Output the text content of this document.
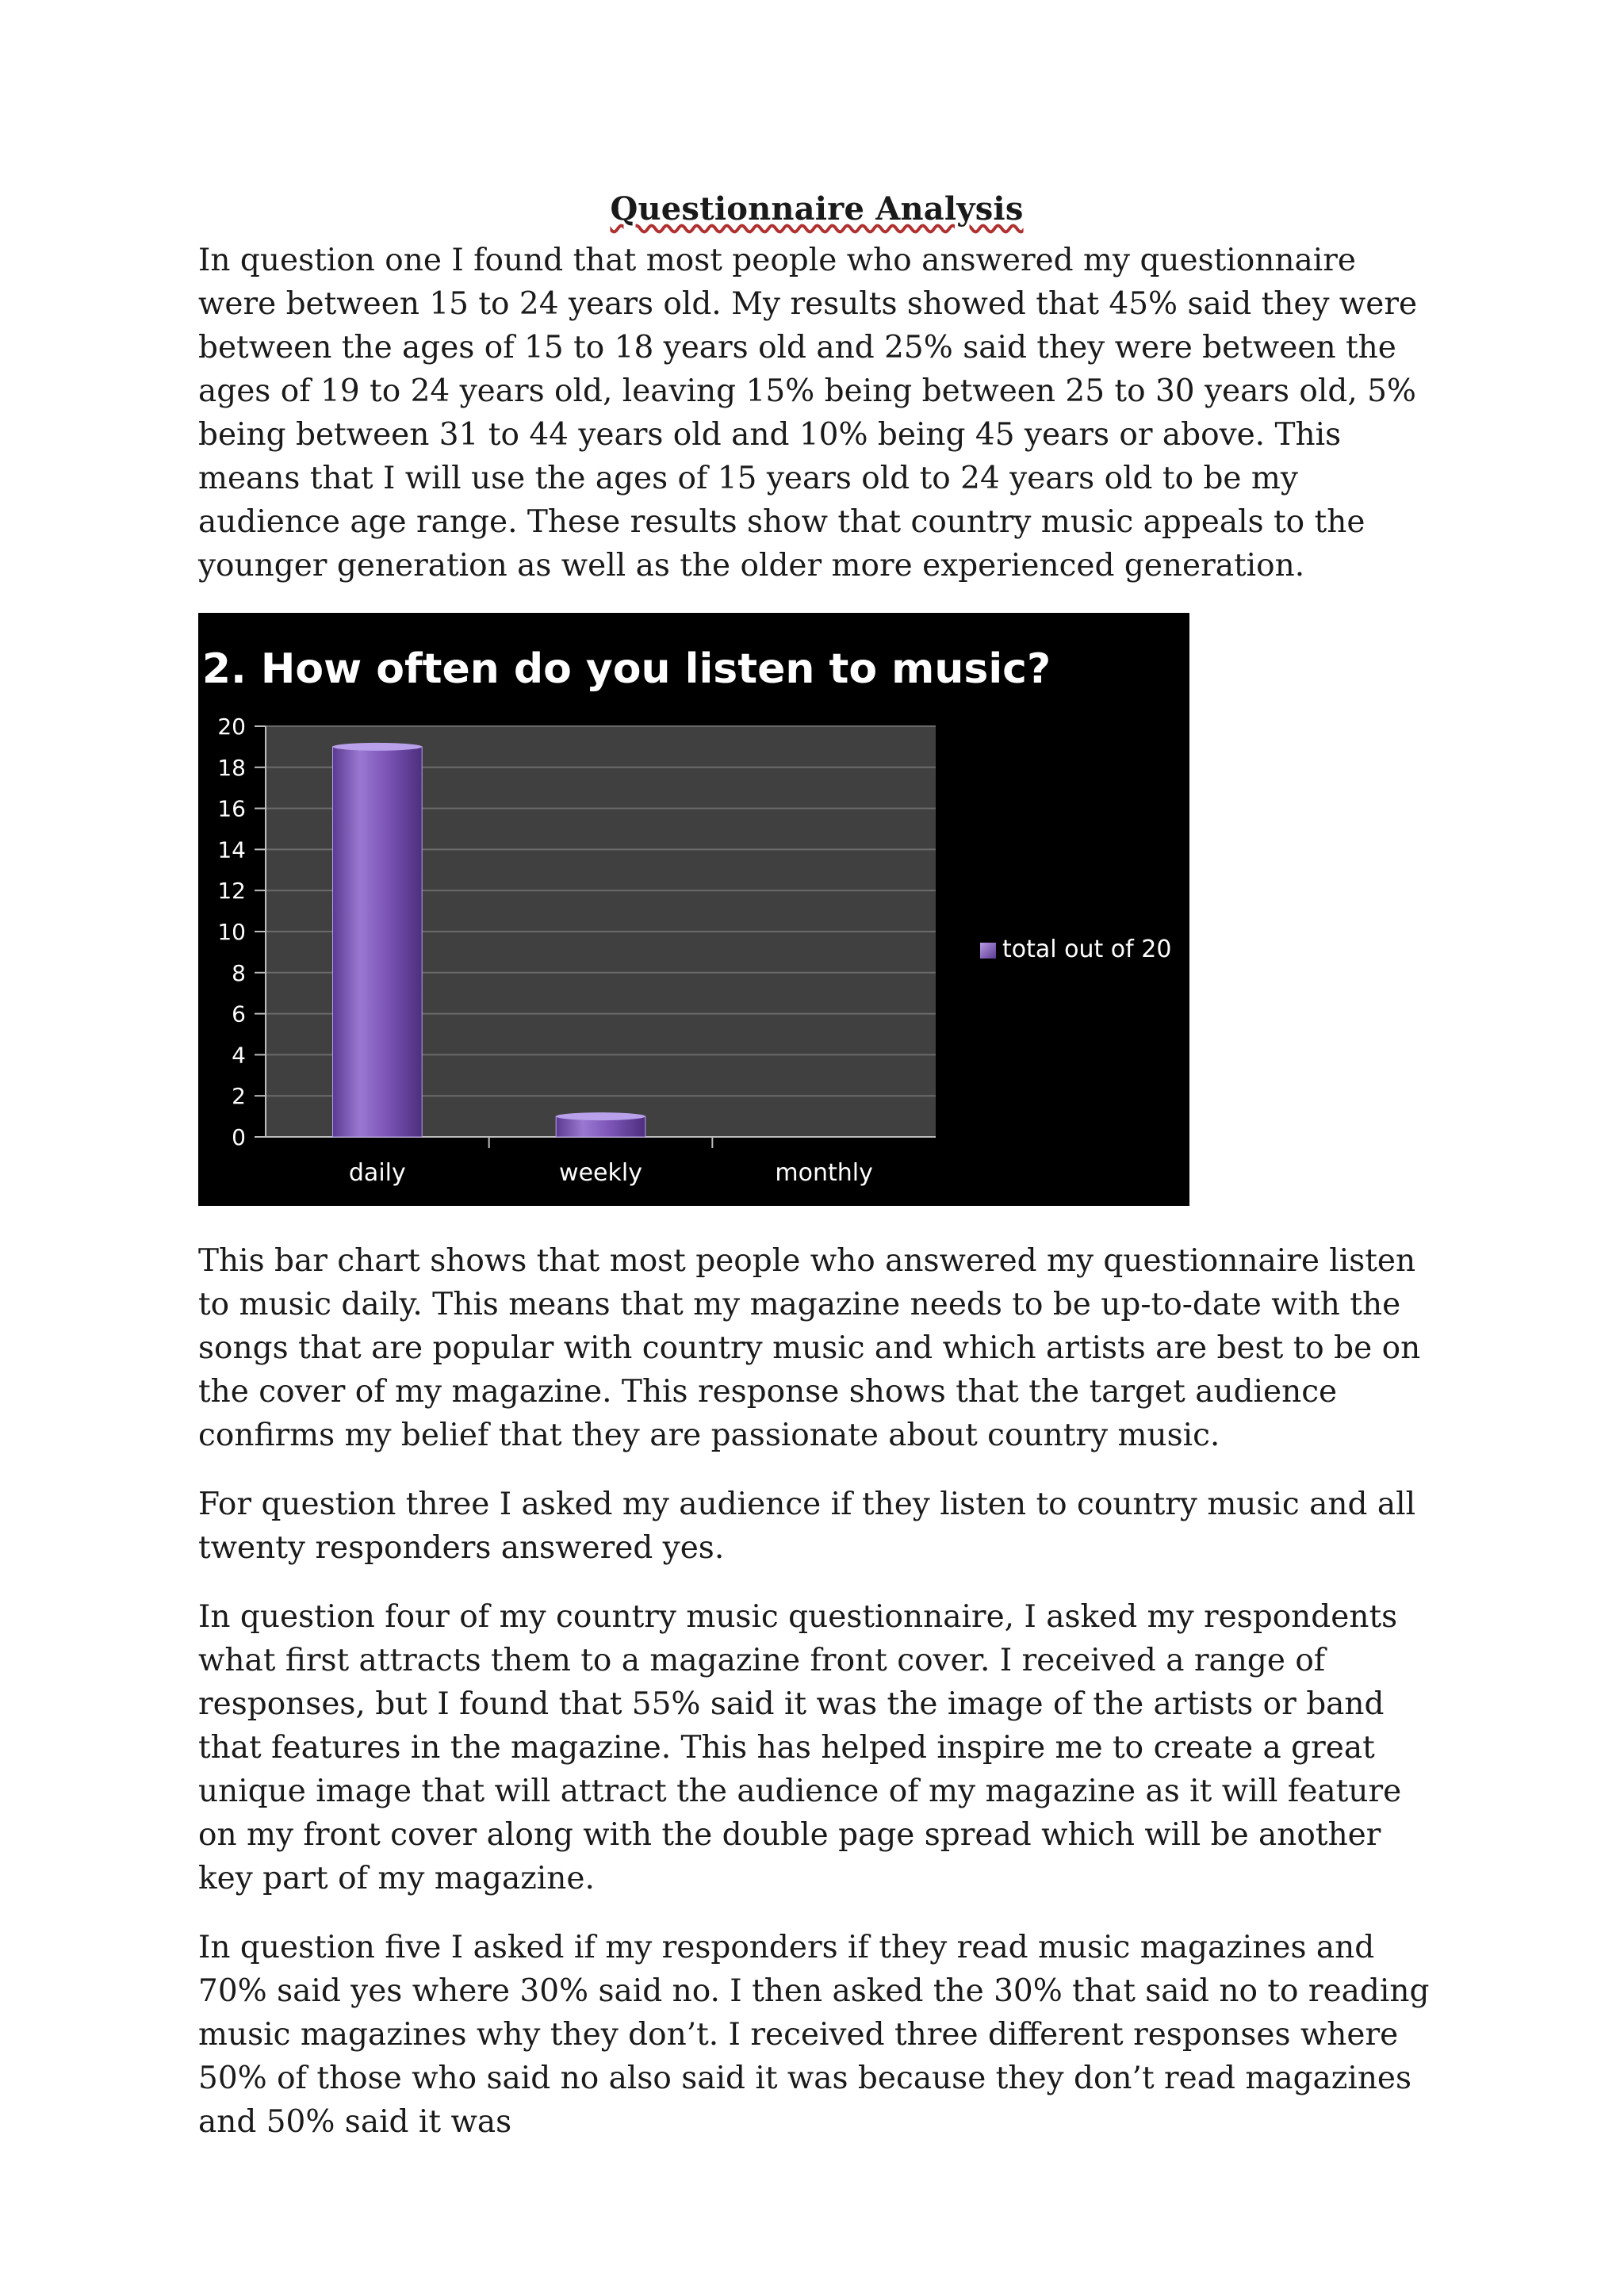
Questionnaire Analysis

In question one I found that most people who answered my questionnaire were between 15 to 24 years old. My results showed that 45% said they were between the ages of 15 to 18 years old and 25% said they were between the ages of 19 to 24 years old, leaving 15% being between 25 to 30 years old, 5% being between 31 to 44 years old and 10% being 45 years or above. This means that I will use the ages of 15 years old to 24 years old to be my audience age range. These results show that country music appeals to the younger generation as well as the older more experienced generation.

2. How often do you listen to music?
0
2
4
6
8
10
12
14
16
18
20
daily	weekly	monthly
total out of 20

This bar chart shows that most people who answered my questionnaire listen to music daily. This means that my magazine needs to be up-to-date with the songs that are popular with country music and which artists are best to be on the cover of my magazine. This response shows that the target audience confirms my belief that they are passionate about country music.

For question three I asked my audience if they listen to country music and all twenty responders answered yes.

In question four of my country music questionnaire, I asked my respondents what first attracts them to a magazine front cover. I received a range of responses, but I found that 55% said it was the image of the artists or band that features in the magazine. This has helped inspire me to create a great unique image that will attract the audience of my magazine as it will feature on my front cover along with the double page spread which will be another key part of my magazine.

In question five I asked if my responders if they read music magazines and 70% said yes where 30% said no. I then asked the 30% that said no to reading music magazines why they don’t. I received three different responses where 50% of those who said no also said it was because they don’t read magazines and 50% said it was
